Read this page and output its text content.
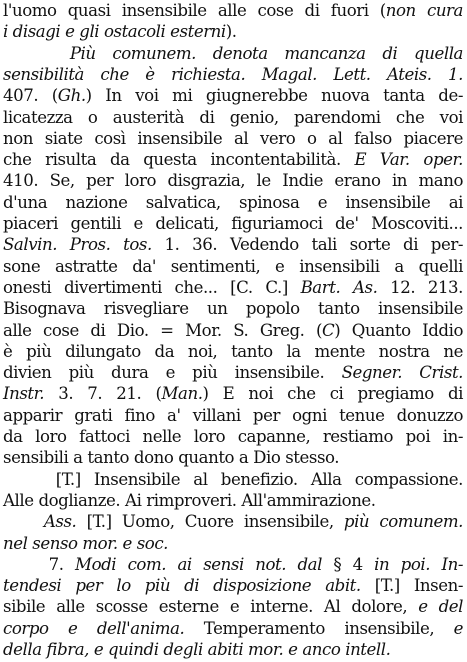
l'uomo quasi insensibile alle cose di fuori (non cura
i disagi e gli ostacoli esterni).
Più comunem. denota mancanza di quella
sensibilità che è richiesta. Magal. Lett. Ateis. 1.
407. (Gh.) In voi mi giugnerebbe nuova tanta de-
licatezza o austerità di genio, parendomi che voi
non siate così insensibile al vero o al falso piacere
che risulta da questa incontentabilità. E Var. oper.
410. Se, per loro disgrazia, le Indie erano in mano
d'una nazione salvatica, spinosa e insensibile ai
piaceri gentili e delicati, figuriamoci de' Moscoviti...
Salvin. Pros. tos. 1. 36. Vedendo tali sorte di per-
sone astratte da' sentimenti, e insensibili a quelli
onesti divertimenti che... [C. C.] Bart. As. 12. 213.
Bisognava risvegliare un popolo tanto insensibile
alle cose di Dio. = Mor. S. Greg. (C) Quanto Iddio
è più dilungato da noi, tanto la mente nostra ne
divien più dura e più insensibile. Segner. Crist.
Instr. 3. 7. 21. (Man.) E noi che ci pregiamo di
apparir grati fino a' villani per ogni tenue donuzzo
da loro fattoci nelle loro capanne, restiamo poi in-
sensibili a tanto dono quanto a Dio stesso.
[T.] Insensibile al benefizio. Alla compassione.
Alle doglianze. Ai rimproveri. All'ammirazione.
Ass. [T.] Uomo, Cuore insensibile, più comunem.
nel senso mor. e soc.
7. Modi com. ai sensi not. dal § 4 in poi. In-
tendesi per lo più di disposizione abit. [T.] Insen-
sibile alle scosse esterne e interne. Al dolore, e del
corpo e dell'anima. Temperamento insensibile, e
della fibra, e quindi degli abiti mor. e anco intell.
